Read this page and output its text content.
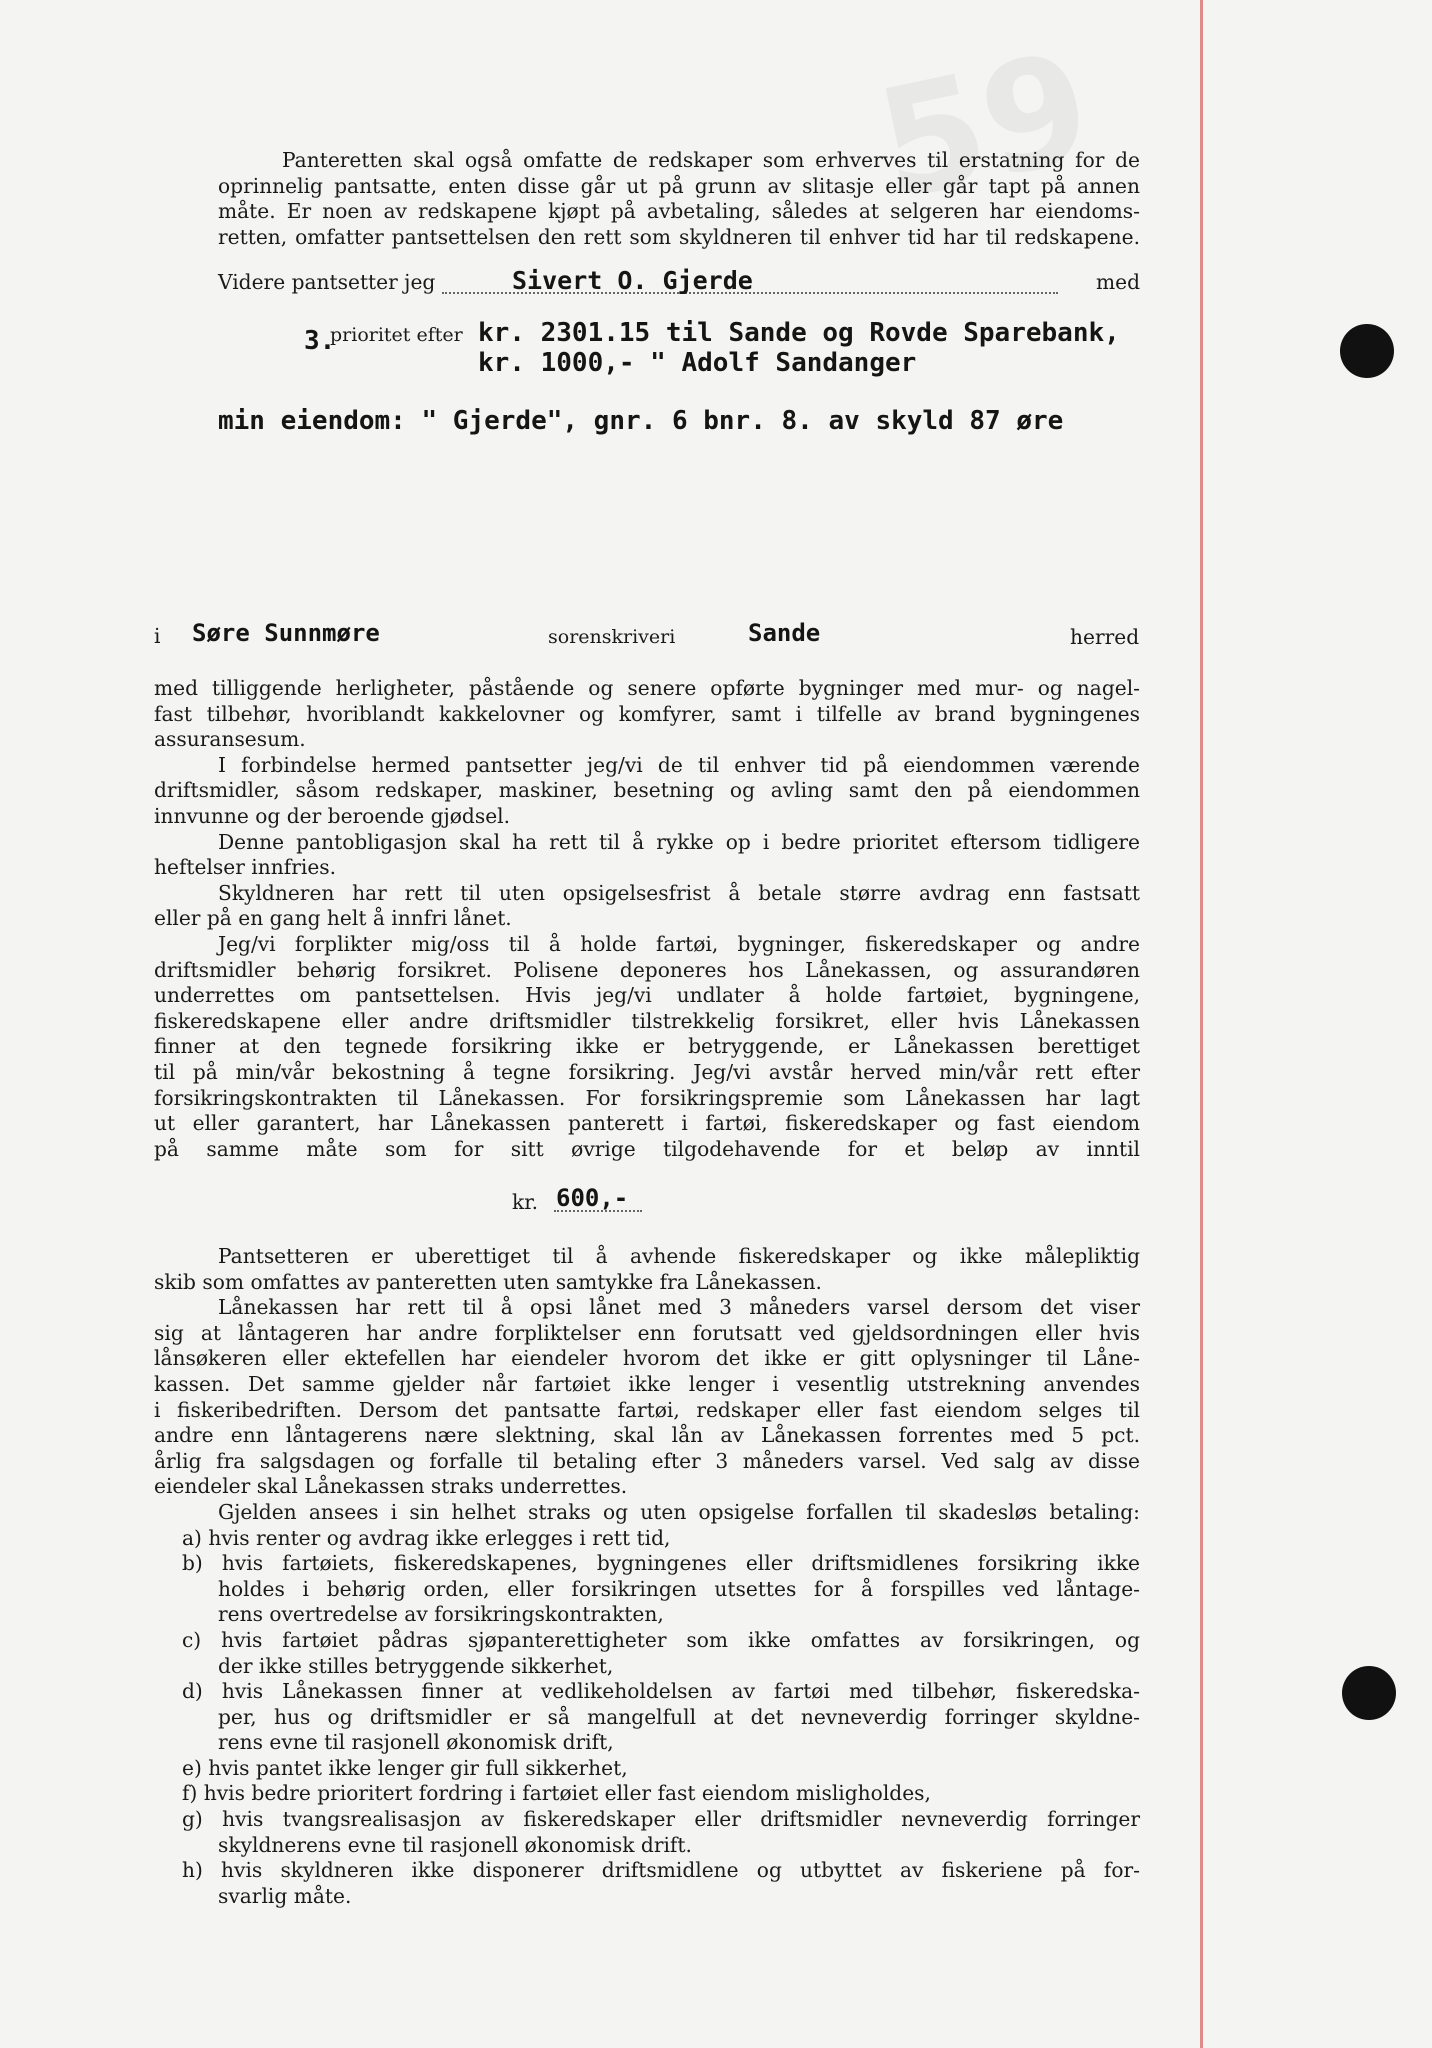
59
Panteretten skal også omfatte de redskaper som erhverves til erstatning for de
oprinnelig pantsatte, enten disse går ut på grunn av slitasje eller går tapt på annen
måte. Er noen av redskapene kjøpt på avbetaling, således at selgeren har eiendoms-
retten, omfatter pantsettelsen den rett som skyldneren til enhver tid har til redskapene.
Videre pantsetter jeg	med
Sivert O. Gjerde
3.
prioritet efter kr. 2301.15 til Sande og Rovde Sparebank,
kr. 1000,- " Adolf Sandanger
min eiendom: " Gjerde", gnr. 6 bnr. 8. av skyld 87 øre
i Søre Sunnmøre	sorenskriveri	Sande	herred
med tilliggende herligheter, påstående og senere opførte bygninger med mur- og nagel-
fast tilbehør, hvoriblandt kakkelovner og komfyrer, samt i tilfelle av brand bygningenes
assuransesum.
I forbindelse hermed pantsetter jeg/vi de til enhver tid på eiendommen værende
driftsmidler, såsom redskaper, maskiner, besetning og avling samt den på eiendommen
innvunne og der beroende gjødsel.
Denne pantobligasjon skal ha rett til å rykke op i bedre prioritet eftersom tidligere
heftelser innfries.
Skyldneren har rett til uten opsigelsesfrist å betale større avdrag enn fastsatt
eller på en gang helt å innfri lånet.
Jeg/vi forplikter mig/oss til å holde fartøi, bygninger, fiskeredskaper og andre
driftsmidler behørig forsikret. Polisene deponeres hos Lånekassen, og assurandøren
underrettes om pantsettelsen. Hvis jeg/vi undlater å holde fartøiet, bygningene,
fiskeredskapene eller andre driftsmidler tilstrekkelig forsikret, eller hvis Lånekassen
finner at den tegnede forsikring ikke er betryggende, er Lånekassen berettiget
til på min/vår bekostning å tegne forsikring. Jeg/vi avstår herved min/vår rett efter
forsikringskontrakten til Lånekassen. For forsikringspremie som Lånekassen har lagt
ut eller garantert, har Lånekassen panterett i fartøi, fiskeredskaper og fast eiendom
på samme måte som for sitt øvrige tilgodehavende for et beløp av inntil
kr. 600,-
Pantsetteren er uberettiget til å avhende fiskeredskaper og ikke målepliktig
skib som omfattes av panteretten uten samtykke fra Lånekassen.
Lånekassen har rett til å opsi lånet med 3 måneders varsel dersom det viser
sig at låntageren har andre forpliktelser enn forutsatt ved gjeldsordningen eller hvis
lånsøkeren eller ektefellen har eiendeler hvorom det ikke er gitt oplysninger til Låne-
kassen. Det samme gjelder når fartøiet ikke lenger i vesentlig utstrekning anvendes
i fiskeribedriften. Dersom det pantsatte fartøi, redskaper eller fast eiendom selges til
andre enn låntagerens nære slektning, skal lån av Lånekassen forrentes med 5 pct.
årlig fra salgsdagen og forfalle til betaling efter 3 måneders varsel. Ved salg av disse
eiendeler skal Lånekassen straks underrettes.
Gjelden ansees i sin helhet straks og uten opsigelse forfallen til skadesløs betaling:
a) hvis renter og avdrag ikke erlegges i rett tid,
b) hvis fartøiets, fiskeredskapenes, bygningenes eller driftsmidlenes forsikring ikke
holdes i behørig orden, eller forsikringen utsettes for å forspilles ved låntage-
rens overtredelse av forsikringskontrakten,
c) hvis fartøiet pådras sjøpanterettigheter som ikke omfattes av forsikringen, og
der ikke stilles betryggende sikkerhet,
d) hvis Lånekassen finner at vedlikeholdelsen av fartøi med tilbehør, fiskeredska-
per, hus og driftsmidler er så mangelfull at det nevneverdig forringer skyldne-
rens evne til rasjonell økonomisk drift,
e) hvis pantet ikke lenger gir full sikkerhet,
f) hvis bedre prioritert fordring i fartøiet eller fast eiendom misligholdes,
g) hvis tvangsrealisasjon av fiskeredskaper eller driftsmidler nevneverdig forringer
skyldnerens evne til rasjonell økonomisk drift.
h) hvis skyldneren ikke disponerer driftsmidlene og utbyttet av fiskeriene på for-
svarlig måte.
